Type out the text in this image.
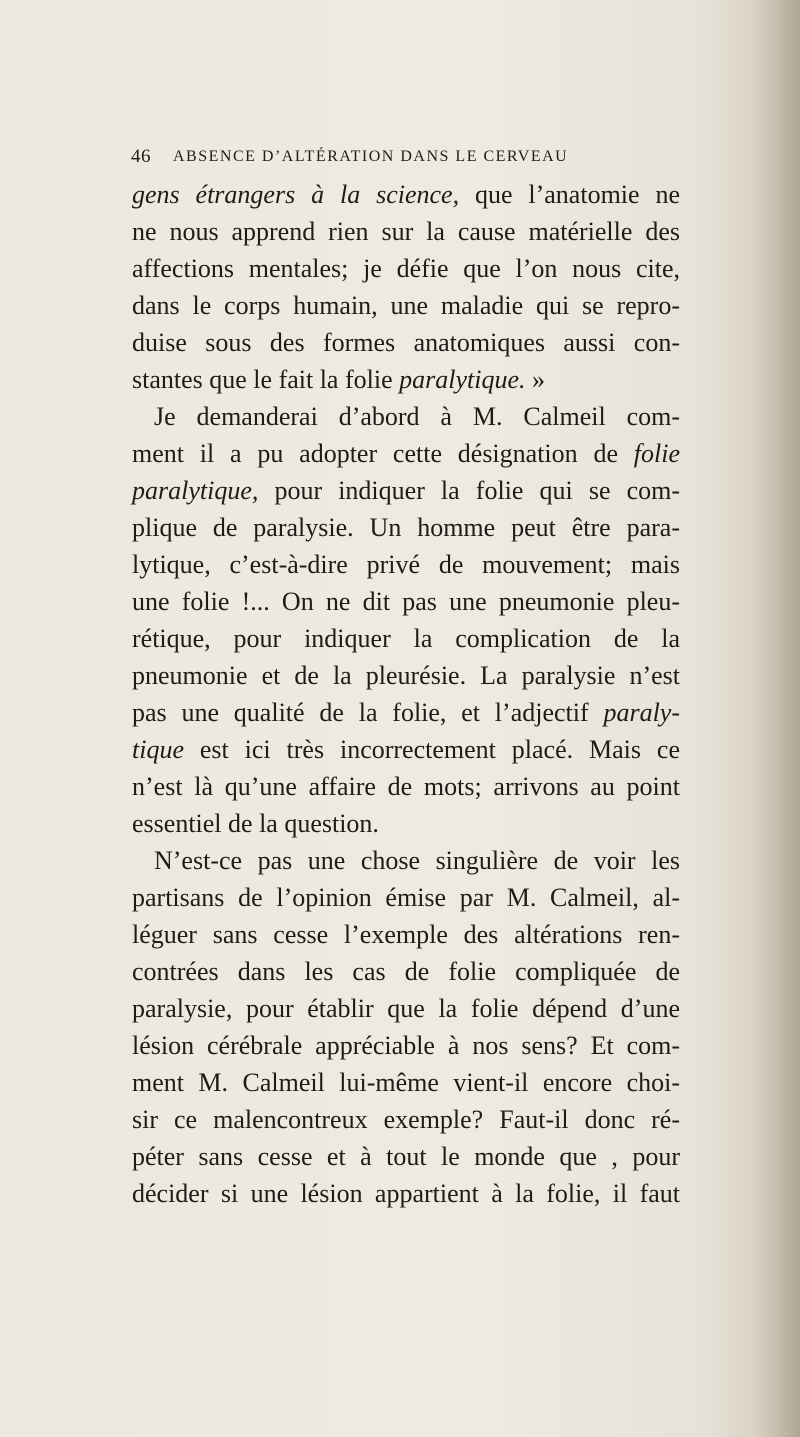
46 ABSENCE D’ALTÉRATION DANS LE CERVEAU
gens étrangers à la science, que l’anatomie ne
ne nous apprend rien sur la cause matérielle des
affections mentales; je défie que l’on nous cite,
dans le corps humain, une maladie qui se repro-
duise sous des formes anatomiques aussi con-
stantes que le fait la folie paralytique. »
Je demanderai d’abord à M. Calmeil com-
ment il a pu adopter cette désignation de folie
paralytique, pour indiquer la folie qui se com-
plique de paralysie. Un homme peut être para-
lytique, c’est-à-dire privé de mouvement; mais
une folie !... On ne dit pas une pneumonie pleu-
rétique, pour indiquer la complication de la
pneumonie et de la pleurésie. La paralysie n’est
pas une qualité de la folie, et l’adjectif paraly-
tique est ici très incorrectement placé. Mais ce
n’est là qu’une affaire de mots; arrivons au point
essentiel de la question.
N’est-ce pas une chose singulière de voir les
partisans de l’opinion émise par M. Calmeil, al-
léguer sans cesse l’exemple des altérations ren-
contrées dans les cas de folie compliquée de
paralysie, pour établir que la folie dépend d’une
lésion cérébrale appréciable à nos sens? Et com-
ment M. Calmeil lui-même vient-il encore choi-
sir ce malencontreux exemple? Faut-il donc ré-
péter sans cesse et à tout le monde que , pour
décider si une lésion appartient à la folie, il faut
